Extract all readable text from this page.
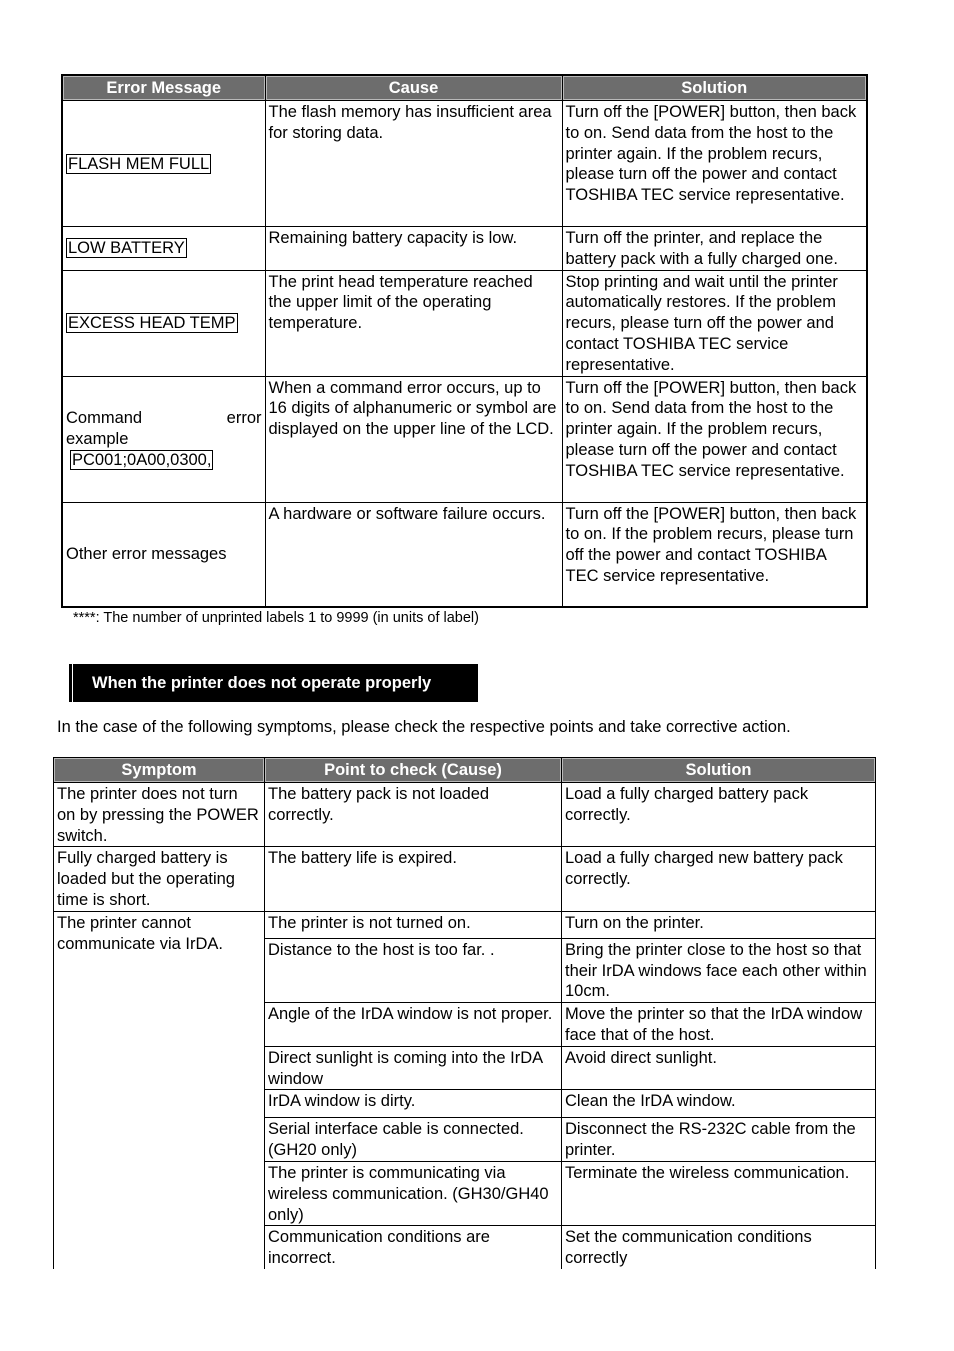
Error Message	Cause	Solution
FLASH MEM FULL	The flash memory has insufficient area for storing data.	Turn off the [POWER] button, then back to on. Send data from the host to the printer again. If the problem recurs, please turn off the power and contact TOSHIBA TEC service representative.
LOW BATTERY	Remaining battery capacity is low.	Turn off the printer, and replace the battery pack with a fully charged one.
EXCESS HEAD TEMP	The print head temperature reached the upper limit of the operating temperature.	Stop printing and wait until the printer automatically restores. If the problem recurs, please turn off the power and contact TOSHIBA TEC service representative.

Command error
example
PC001;0A00,0300,	When a command error occurs, up to 16 digits of alphanumeric or symbol are displayed on the upper line of the LCD.	Turn off the [POWER] button, then back to on. Send data from the host to the printer again. If the problem recurs, please turn off the power and contact TOSHIBA TEC service representative.
Other error messages	A hardware or software failure occurs.	Turn off the [POWER] button, then back to on. If the problem recurs, please turn off the power and contact TOSHIBA TEC service representative.
****: The number of unprinted labels 1 to 9999 (in units of label)
When the printer does not operate properly
In the case of the following symptoms, please check the respective points and take corrective action.
Symptom	Point to check (Cause)	Solution
The printer does not turn on by pressing the POWER switch.	The battery pack is not loaded correctly.	Load a fully charged battery pack correctly.
Fully charged battery is loaded but the operating time is short.	The battery life is expired.	Load a fully charged new battery pack correctly.
The printer cannot communicate via IrDA.	The printer is not turned on.	Turn on the printer.
	Distance to the host is too far. .	Bring the printer close to the host so that their IrDA windows face each other within 10cm.
	Angle of the IrDA window is not proper.	Move the printer so that the IrDA window face that of the host.
	Direct sunlight is coming into the IrDA window	Avoid direct sunlight.
	IrDA window is dirty.	Clean the IrDA window.
	Serial interface cable is connected. (GH20 only)	Disconnect the RS-232C cable from the printer.
	The printer is communicating via wireless communication. (GH30/GH40 only)	Terminate the wireless communication.
	Communication conditions are incorrect.	Set the communication conditions correctly
